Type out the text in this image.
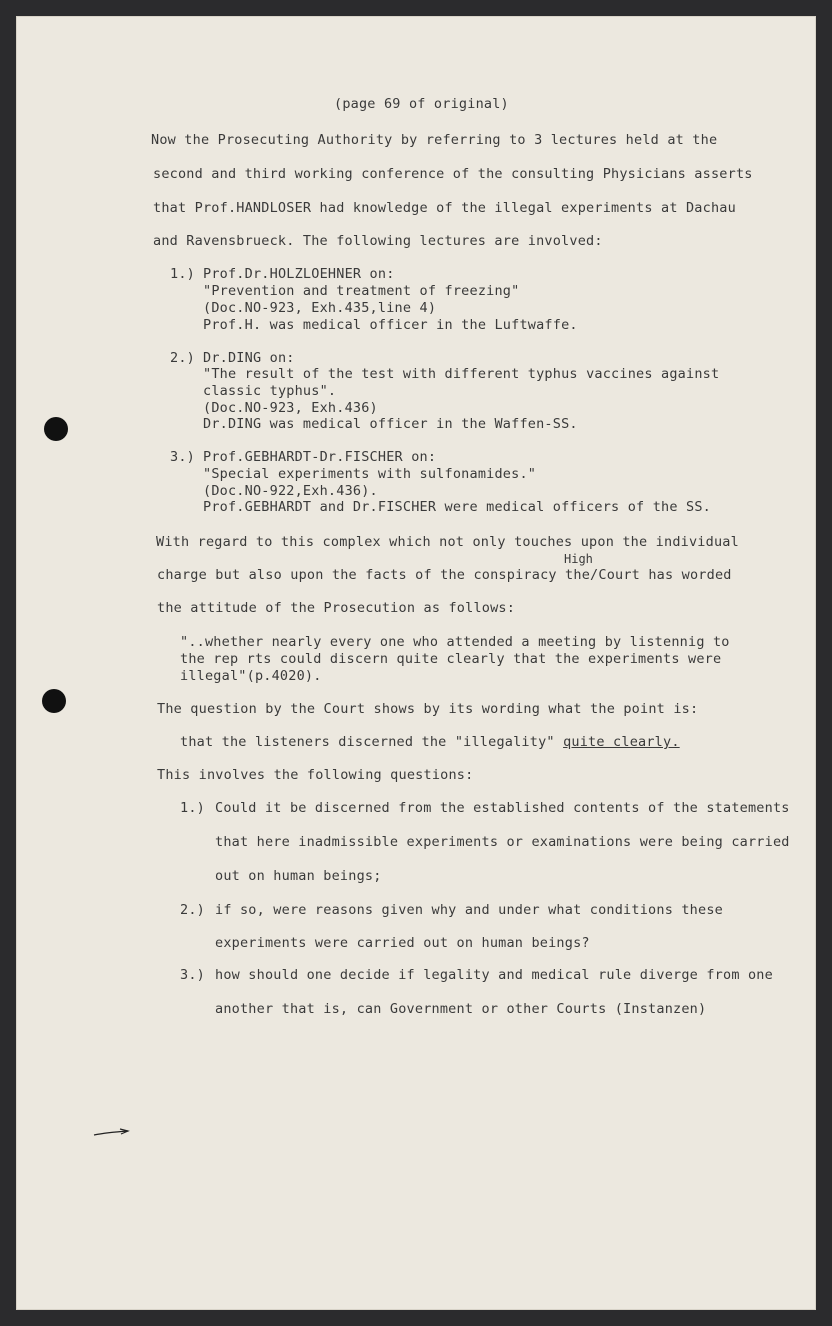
(page 69 of original)
Now the Prosecuting Authority by referring to 3 lectures held at the
second and third working conference of the consulting Physicians asserts
that Prof.HANDLOSER had knowledge of the illegal experiments at Dachau
and Ravensbrueck. The following lectures are involved:
1.) Prof.Dr.HOLZLOEHNER on:
"Prevention and treatment of freezing"
(Doc.NO-923, Exh.435,line 4)
Prof.H. was medical officer in the Luftwaffe.
2.) Dr.DING on:
"The result of the test with different typhus vaccines against
classic typhus".
(Doc.NO-923, Exh.436)
Dr.DING was medical officer in the Waffen-SS.
3.) Prof.GEBHARDT-Dr.FISCHER on:
"Special experiments with sulfonamides."
(Doc.NO-922,Exh.436).
Prof.GEBHARDT and Dr.FISCHER were medical officers of the SS.
With regard to this complex which not only touches upon the individual
High
charge but also upon the facts of the conspiracy the/Court has worded
the attitude of the Prosecution as follows:
"..whether nearly every one who attended a meeting by listennig to
the rep rts could discern quite clearly that the experiments were
illegal"(p.4020).
The question by the Court shows by its wording what the point is:
that the listeners discerned the "illegality" quite clearly.
This involves the following questions:
1.) Could it be discerned from the established contents of the statements
that here inadmissible experiments or examinations were being carried
out on human beings;
2.) if so, were reasons given why and under what conditions these
experiments were carried out on human beings?
3.) how should one decide if legality and medical rule diverge from one
another that is, can Government or other Courts (Instanzen)
